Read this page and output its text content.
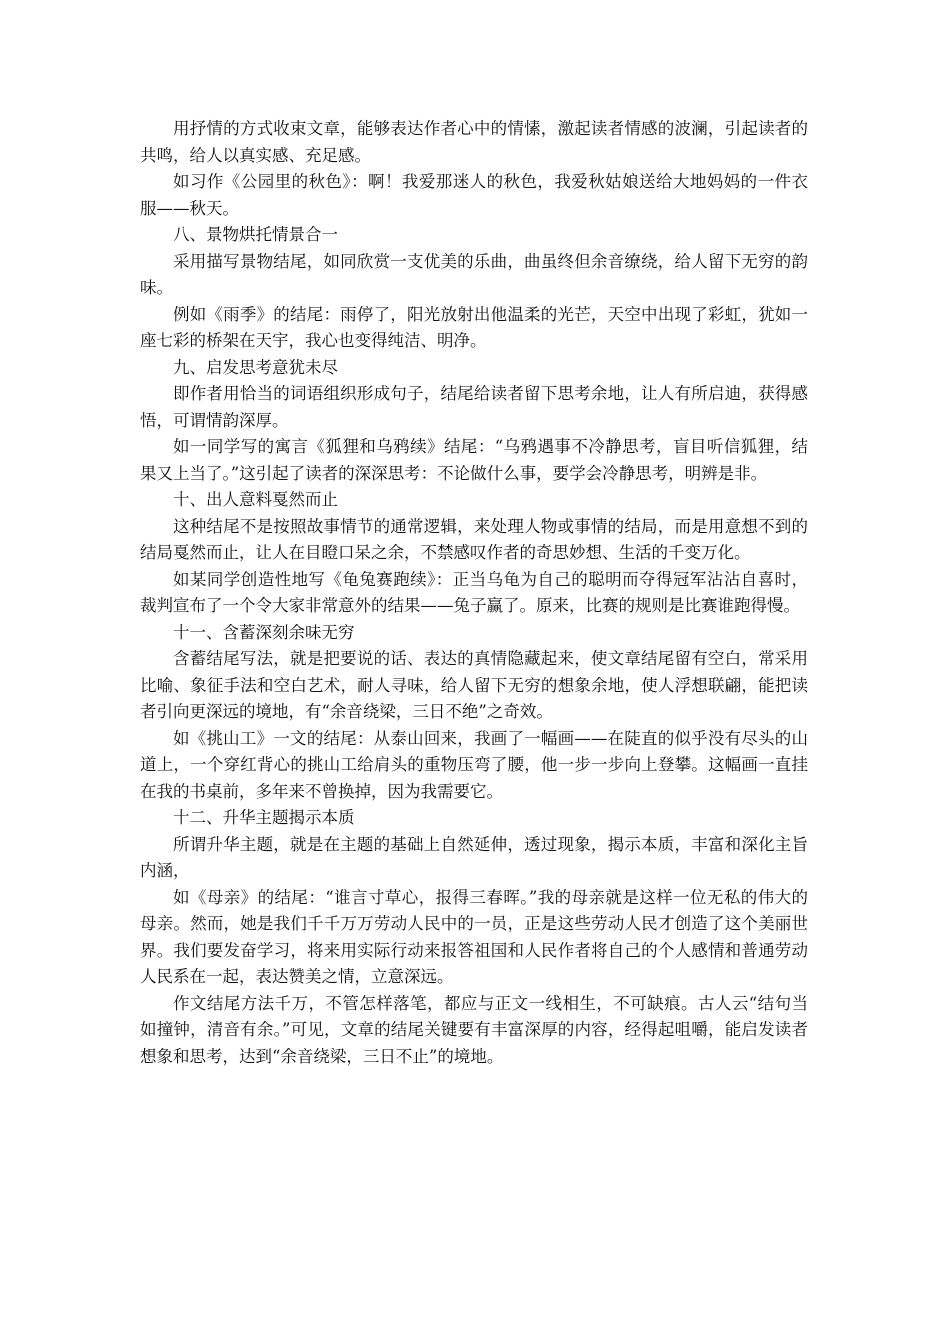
用抒情的方式收束文章，能够表达作者心中的情愫，激起读者情感的波澜，引起读者的共鸣，给人以真实感、充足感。

如习作《公园里的秋色》：啊！我爱那迷人的秋色，我爱秋姑娘送给大地妈妈的一件衣服——秋天。

八、景物烘托情景合一

采用描写景物结尾，如同欣赏一支优美的乐曲，曲虽终但余音缭绕，给人留下无穷的韵味。

例如《雨季》的结尾：雨停了，阳光放射出他温柔的光芒，天空中出现了彩虹，犹如一座七彩的桥架在天宇，我心也变得纯洁、明净。

九、启发思考意犹未尽

即作者用恰当的词语组织形成句子，结尾给读者留下思考余地，让人有所启迪，获得感悟，可谓情韵深厚。

如一同学写的寓言《狐狸和乌鸦续》结尾：“乌鸦遇事不冷静思考，盲目听信狐狸，结果又上当了。”这引起了读者的深深思考：不论做什么事，要学会冷静思考，明辨是非。

十、出人意料戛然而止

这种结尾不是按照故事情节的通常逻辑，来处理人物或事情的结局，而是用意想不到的结局戛然而止，让人在目瞪口呆之余，不禁感叹作者的奇思妙想、生活的千变万化。

如某同学创造性地写《龟兔赛跑续》：正当乌龟为自己的聪明而夺得冠军沾沾自喜时，裁判宣布了一个令大家非常意外的结果——兔子赢了。原来，比赛的规则是比赛谁跑得慢。

十一、含蓄深刻余味无穷

含蓄结尾写法，就是把要说的话、表达的真情隐藏起来，使文章结尾留有空白，常采用比喻、象征手法和空白艺术，耐人寻味，给人留下无穷的想象余地，使人浮想联翩，能把读者引向更深远的境地，有“余音绕梁，三日不绝”之奇效。

如《挑山工》一文的结尾：从泰山回来，我画了一幅画——在陡直的似乎没有尽头的山道上，一个穿红背心的挑山工给肩头的重物压弯了腰，他一步一步向上登攀。这幅画一直挂在我的书桌前，多年来不曾换掉，因为我需要它。

十二、升华主题揭示本质

所谓升华主题，就是在主题的基础上自然延伸，透过现象，揭示本质，丰富和深化主旨内涵，

如《母亲》的结尾：“谁言寸草心，报得三春晖。”我的母亲就是这样一位无私的伟大的母亲。然而，她是我们千千万万劳动人民中的一员，正是这些劳动人民才创造了这个美丽世界。我们要发奋学习，将来用实际行动来报答祖国和人民作者将自己的个人感情和普通劳动人民系在一起，表达赞美之情，立意深远。

作文结尾方法千万，不管怎样落笔，都应与正文一线相生，不可缺痕。古人云“结句当如撞钟，清音有余。”可见，文章的结尾关键要有丰富深厚的内容，经得起咀嚼，能启发读者想象和思考，达到“余音绕梁，三日不止”的境地。
